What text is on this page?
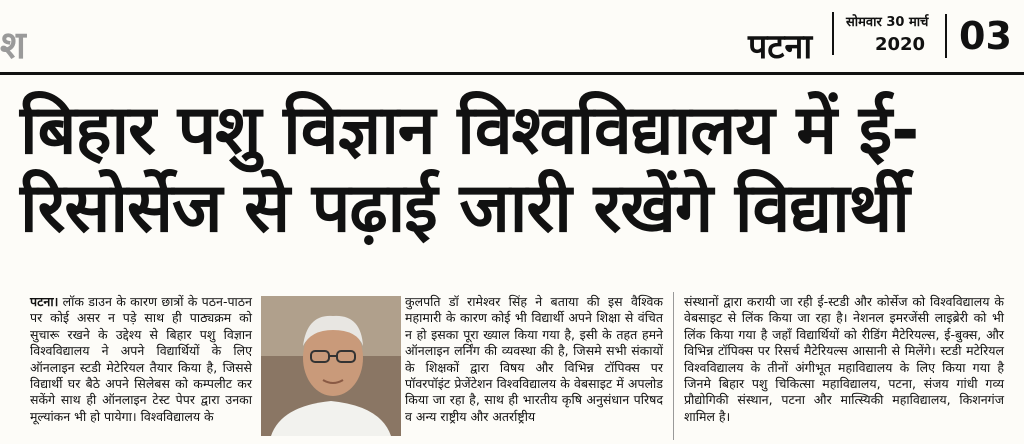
श	पटना
सोमवार 30 मार्च
2020 03
बिहार पशु विज्ञान विश्वविद्यालय में ई-रिसोर्सेज से पढ़ाई जारी रखेंगे विद्यार्थी
पटना। लॉक डाउन के कारण छात्रों के पठन-पाठन पर कोई असर न पड़े साथ ही पाठ्यक्रम को सुचारू रखने के उद्देश्य से बिहार पशु विज्ञान विश्वविद्यालय ने अपने विद्यार्थियों के लिए ऑनलाइन स्टडी मेटेरियल तैयार किया है, जिससे विद्यार्थी घर बैठे अपने सिलेबस को कम्पलीट कर सकेंगे साथ ही ऑनलाइन टेस्ट पेपर द्वारा उनका मूल्यांकन भी हो पायेगा। विश्वविद्यालय के
कुलपति डॉ रामेश्वर सिंह ने बताया की इस वैश्विक महामारी के कारण कोई भी विद्यार्थी अपने शिक्षा से वंचित न हो इसका पूरा ख्याल किया गया है, इसी के तहत हमने ऑनलाइन लर्निंग की व्यवस्था की है, जिसमे सभी संकायों के शिक्षकों द्वारा विषय और विभिन्न टॉपिक्स पर पॉवरपॉइंट प्रेजेंटेशन विश्वविद्यालय के वेबसाइट में अपलोड किया जा रहा है, साथ ही भारतीय कृषि अनुसंधान परिषद व अन्य राष्ट्रीय और अतर्राष्ट्रीय
संस्थानों द्वारा करायी जा रही ई-स्टडी और कोर्सेज को विश्वविद्यालय के वेबसाइट से लिंक किया जा रहा है। नेशनल इमरजेंसी लाइब्रेरी को भी लिंक किया गया है जहाँ विद्यार्थियों को रीडिंग मैटेरियल्स, ई-बुक्स, और विभिन्न टॉपिक्स पर रिसर्च मैटेरियल्स आसानी से मिलेंगे। स्टडी मटेरियल विश्वविद्यालय के तीनों अंगीभूत महाविद्यालय के लिए किया गया है जिनमे बिहार पशु चिकित्सा महाविद्यालय, पटना, संजय गांधी गव्य प्रौद्योगिकी संस्थान, पटना और मात्स्यिकी महाविद्यालय, किशनगंज शामिल है।
